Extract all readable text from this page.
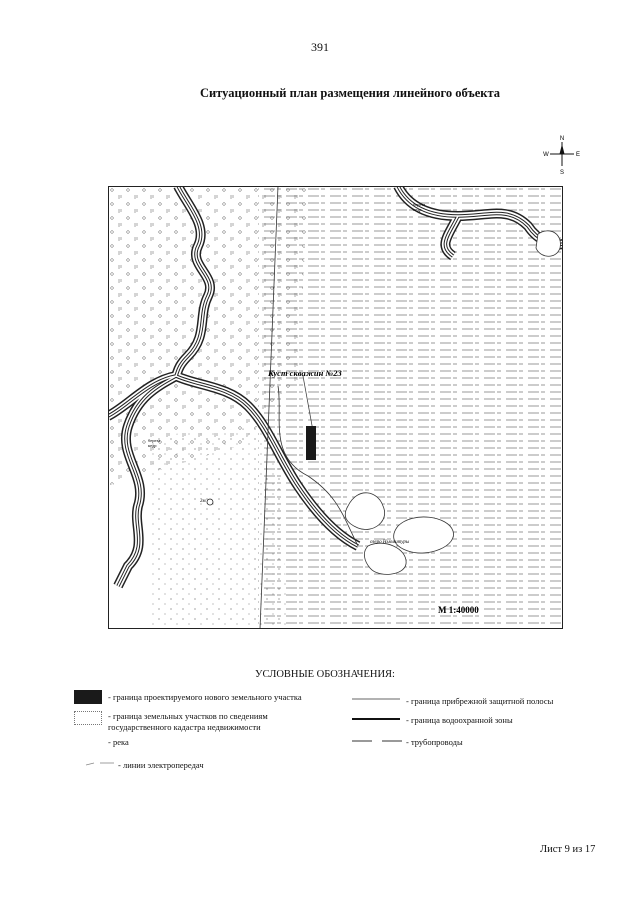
391
Ситуационный план размещения линейного объекта
N
S
W	E
Куст скважин №23
М 1:40000
береза кедр
береза кедр
озеро Ньюмитуры
2м
УСЛОВНЫЕ ОБОЗНАЧЕНИЯ:
- граница проектируемого нового земельного участка
- граница земельных участков по сведениям государственного кадастра недвижимости
- река
- линии электропередач
- граница прибрежной защитной полосы
- граница водоохранной зоны
- трубопроводы
Лист 9 из 17
